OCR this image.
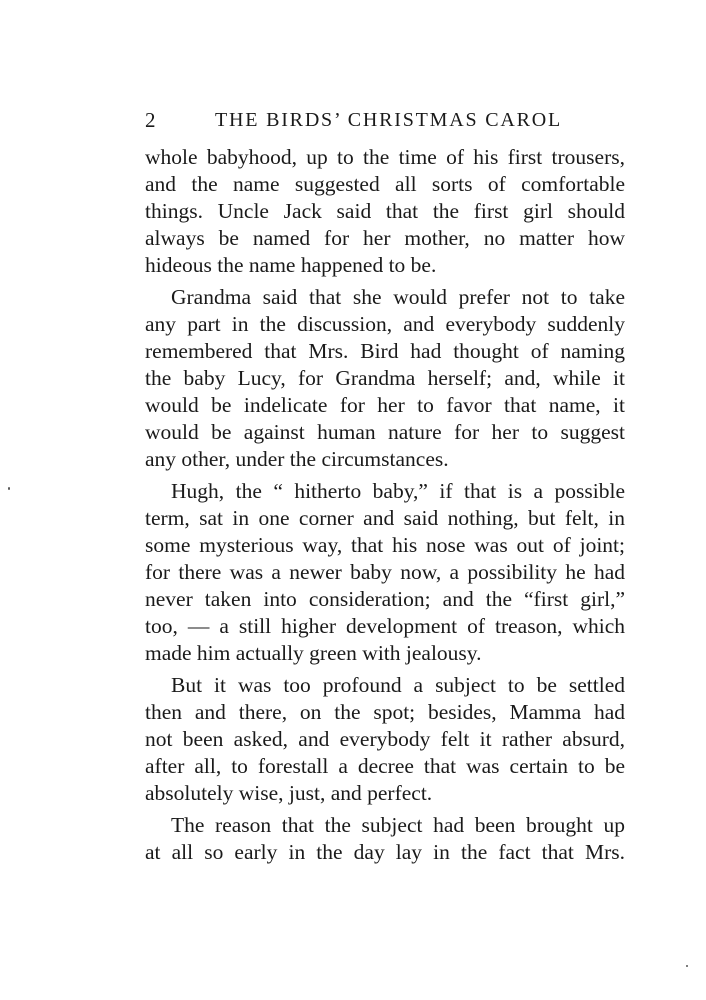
2	THE BIRDS’ CHRISTMAS CAROL
whole babyhood, up to the time of his first trousers,
and the name suggested all sorts of comfortable
things. Uncle Jack said that the first girl should
always be named for her mother, no matter how
hideous the name happened to be.
Grandma said that she would prefer not to take
any part in the discussion, and everybody suddenly
remembered that Mrs. Bird had thought of naming
the baby Lucy, for Grandma herself; and, while it
would be indelicate for her to favor that name, it
would be against human nature for her to suggest
any other, under the circumstances.
Hugh, the “ hitherto baby,” if that is a possible
term, sat in one corner and said nothing, but felt, in
some mysterious way, that his nose was out of joint;
for there was a newer baby now, a possibility he had
never taken into consideration; and the “first girl,”
too, — a still higher development of treason, which
made him actually green with jealousy.
But it was too profound a subject to be settled
then and there, on the spot; besides, Mamma had
not been asked, and everybody felt it rather absurd,
after all, to forestall a decree that was certain to be
absolutely wise, just, and perfect.
The reason that the subject had been brought up
at all so early in the day lay in the fact that Mrs.
